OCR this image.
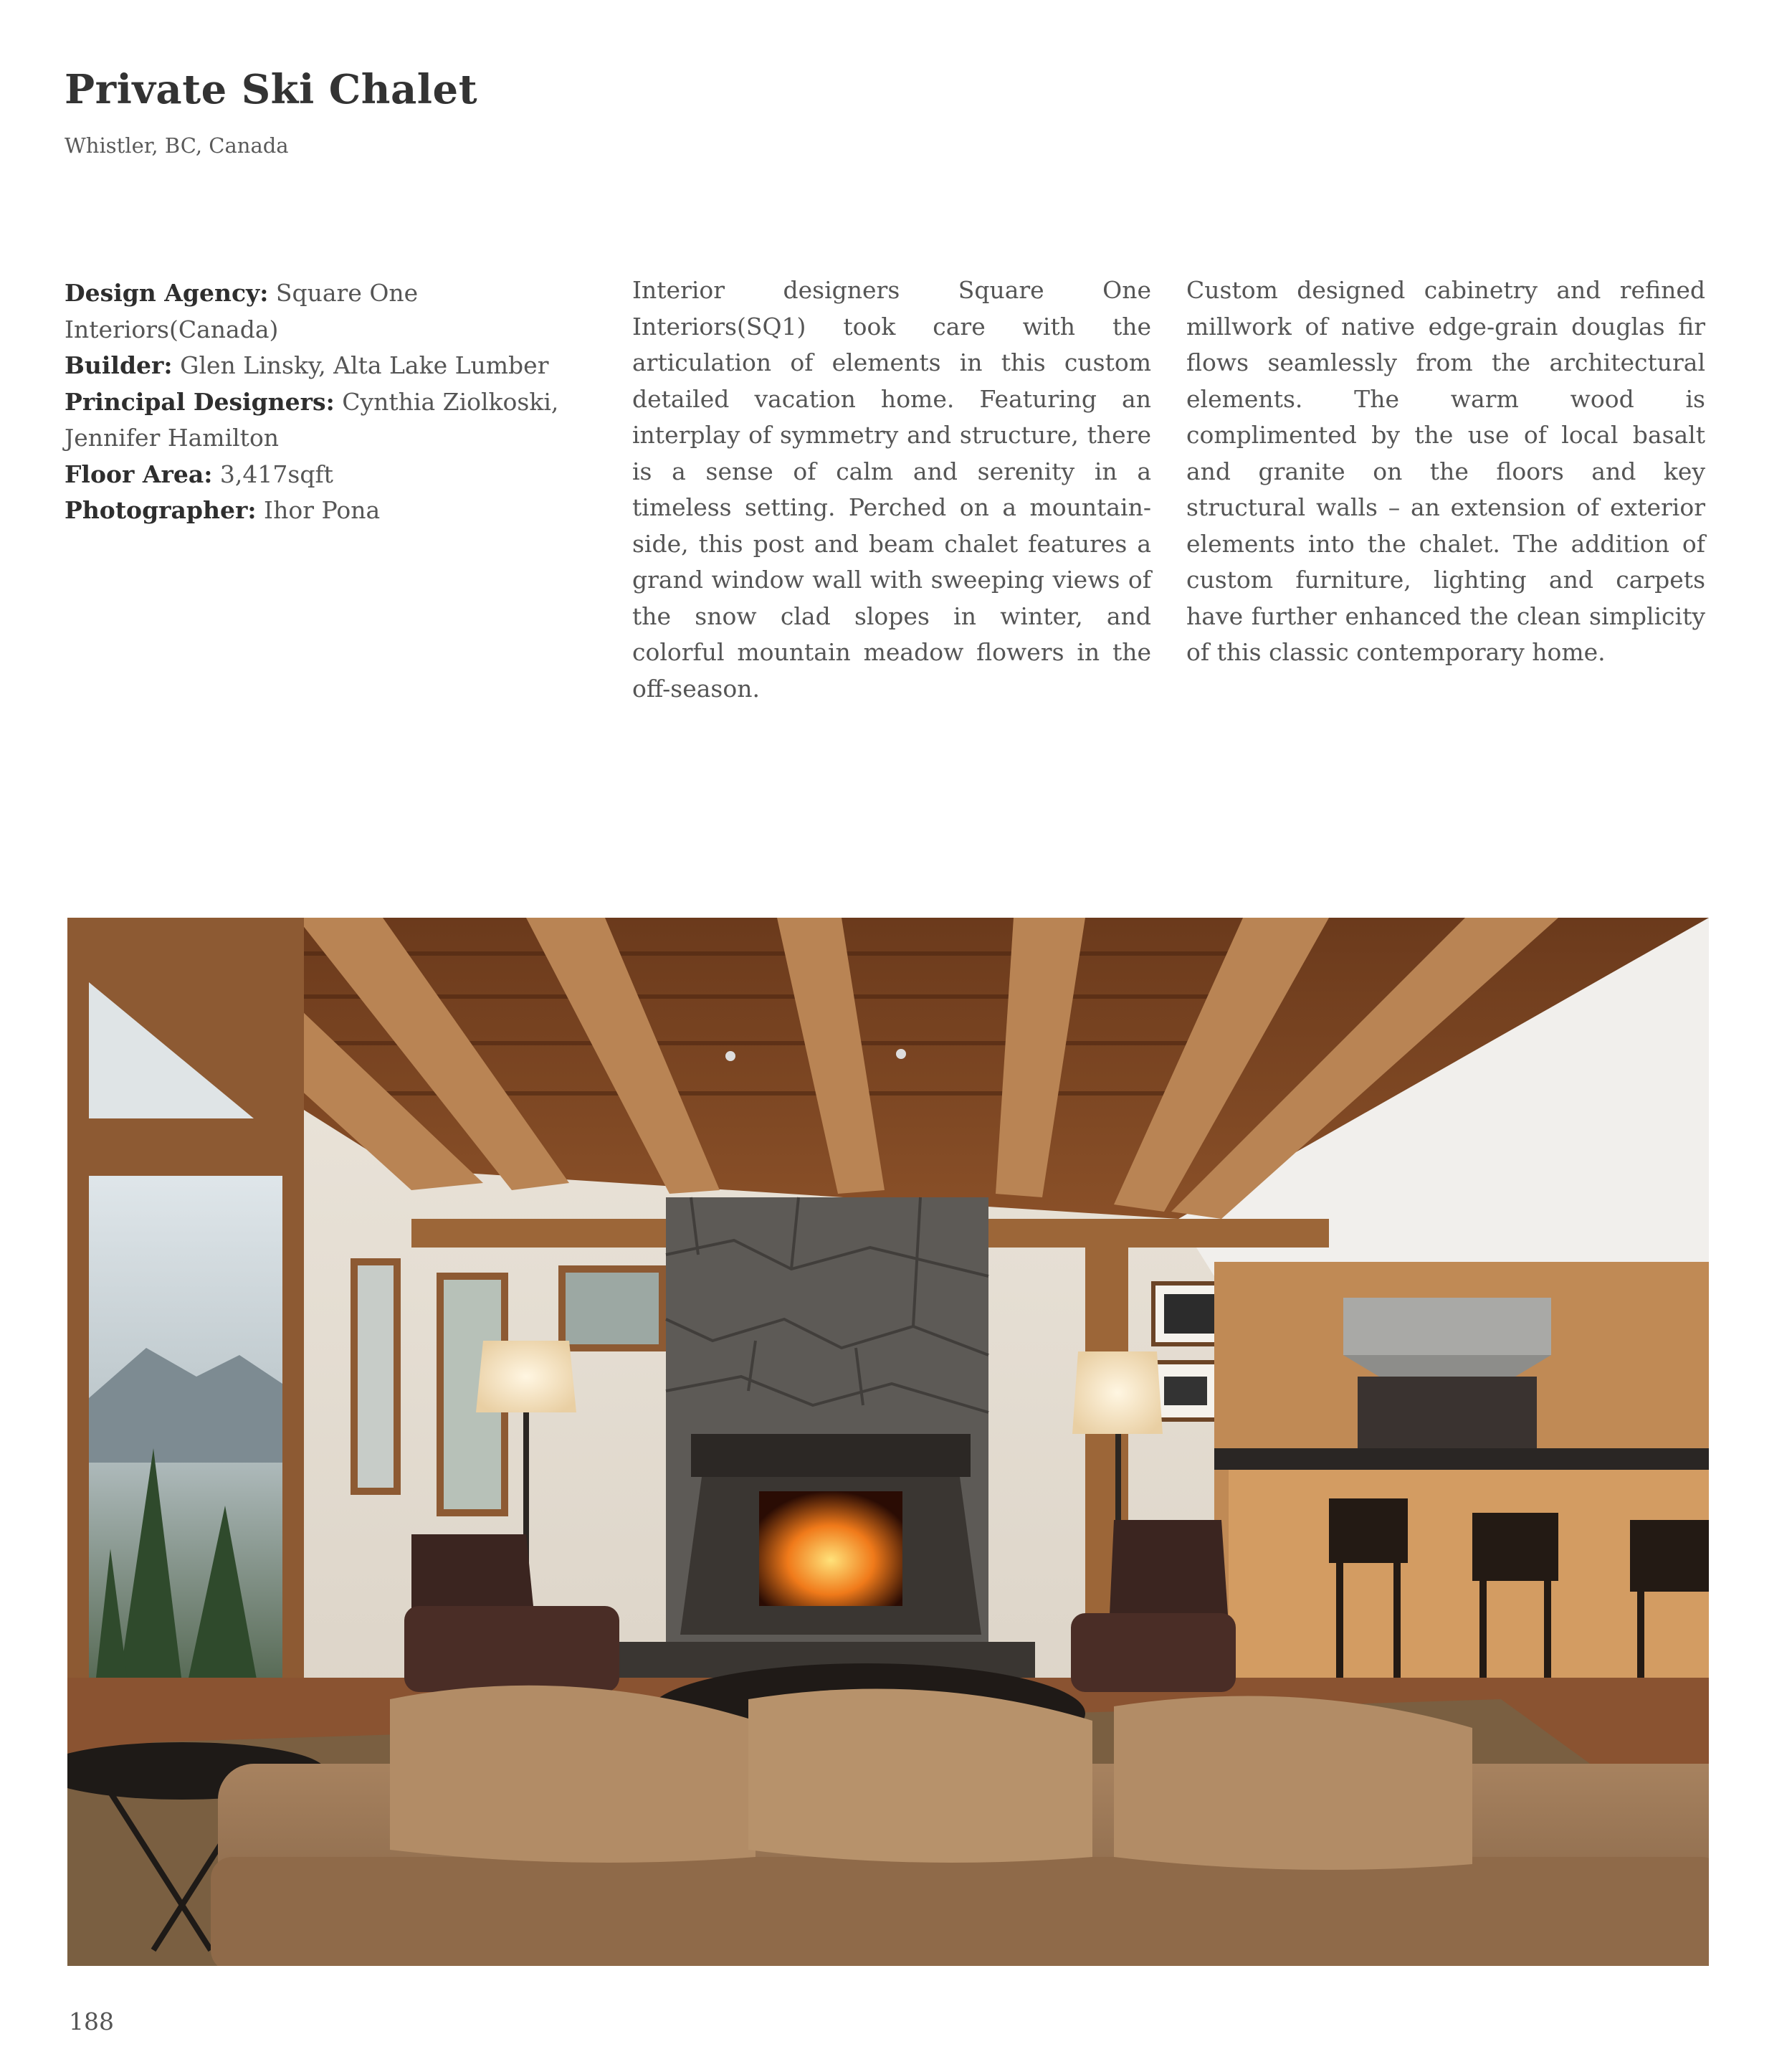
Private Ski Chalet
Whistler, BC, Canada
Design Agency: Square One Interiors(Canada)
Builder: Glen Linsky, Alta Lake Lumber
Principal Designers: Cynthia Ziolkoski, Jennifer Hamilton
Floor Area: 3,417sqft
Photographer: Ihor Pona

Interior designers Square One Interiors(SQ1) took care with the articulation of elements in this custom detailed vacation home. Featuring an interplay of symmetry and structure, there is a sense of calm and serenity in a timeless setting. Perched on a mountain-side, this post and beam chalet features a grand window wall with sweeping views of the snow clad slopes in winter, and colorful mountain meadow flowers in the off-season.

Custom designed cabinetry and refined millwork of native edge-grain douglas fir flows seamlessly from the architectural elements. The warm wood is complimented by the use of local basalt and granite on the floors and key structural walls – an extension of exterior elements into the chalet. The addition of custom furniture, lighting and carpets have further enhanced the clean simplicity of this classic contemporary home.

188
